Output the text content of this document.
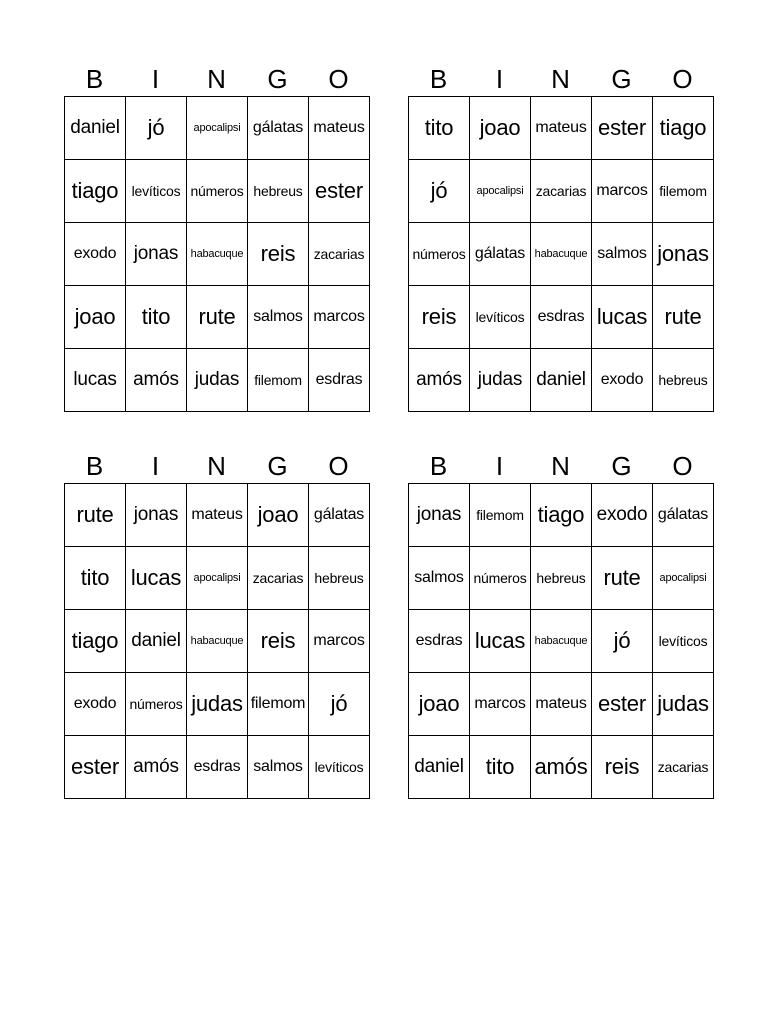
B	I	N	G	O
daniel	jó	apocalipsi	gálatas	mateus
tiago	levíticos	números	hebreus	ester
exodo	jonas	habacuque	reis	zacarias
joao	tito	rute	salmos	marcos
lucas	amós	judas	filemom	esdras
B	I	N	G	O
tito	joao	mateus	ester	tiago
jó	apocalipsi	zacarias	marcos	filemom
números	gálatas	habacuque	salmos	jonas
reis	levíticos	esdras	lucas	rute
amós	judas	daniel	exodo	hebreus
B	I	N	G	O
rute	jonas	mateus	joao	gálatas
tito	lucas	apocalipsi	zacarias	hebreus
tiago	daniel	habacuque	reis	marcos
exodo	números	judas	filemom	jó
ester	amós	esdras	salmos	levíticos
B	I	N	G	O
jonas	filemom	tiago	exodo	gálatas
salmos	números	hebreus	rute	apocalipsi
esdras	lucas	habacuque	jó	levíticos
joao	marcos	mateus	ester	judas
daniel	tito	amós	reis	zacarias
